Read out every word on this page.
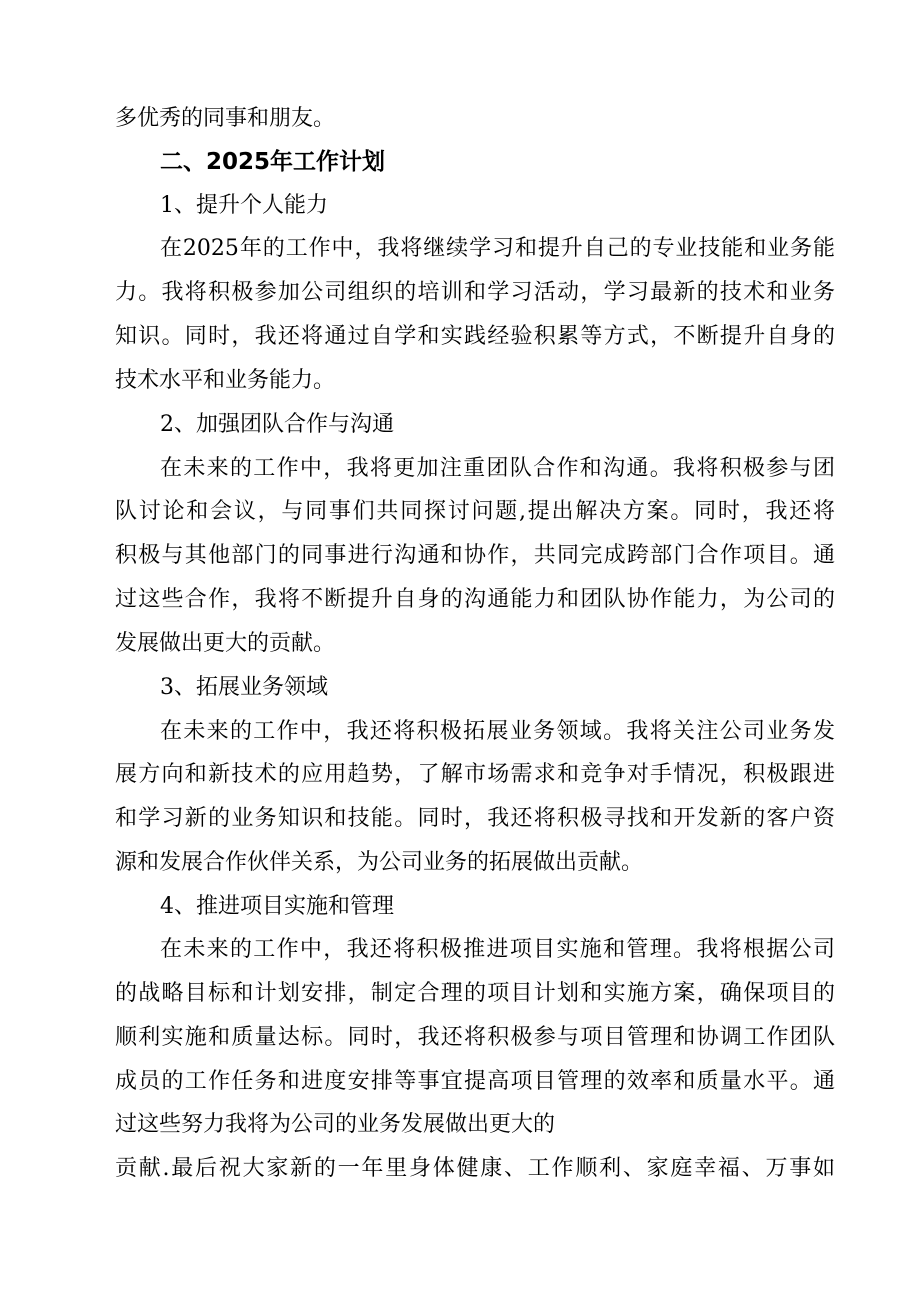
多优秀的同事和朋友。
二、2025年工作计划
1、提升个人能力
在2025年的工作中，我将继续学习和提升自己的专业技能和业务能
力。我将积极参加公司组织的培训和学习活动，学习最新的技术和业务
知识。同时，我还将通过自学和实践经验积累等方式，不断提升自身的
技术水平和业务能力。
2、加强团队合作与沟通
在未来的工作中，我将更加注重团队合作和沟通。我将积极参与团
队讨论和会议，与同事们共同探讨问题,提出解决方案。同时，我还将
积极与其他部门的同事进行沟通和协作，共同完成跨部门合作项目。通
过这些合作，我将不断提升自身的沟通能力和团队协作能力，为公司的
发展做出更大的贡献。
3、拓展业务领域
在未来的工作中，我还将积极拓展业务领域。我将关注公司业务发
展方向和新技术的应用趋势，了解市场需求和竞争对手情况，积极跟进
和学习新的业务知识和技能。同时，我还将积极寻找和开发新的客户资
源和发展合作伙伴关系，为公司业务的拓展做出贡献。
4、推进项目实施和管理
在未来的工作中，我还将积极推进项目实施和管理。我将根据公司
的战略目标和计划安排，制定合理的项目计划和实施方案，确保项目的
顺利实施和质量达标。同时，我还将积极参与项目管理和协调工作团队
成员的工作任务和进度安排等事宜提高项目管理的效率和质量水平。通
过这些努力我将为公司的业务发展做出更大的
贡献.最后祝大家新的一年里身体健康、工作顺利、家庭幸福、万事如
